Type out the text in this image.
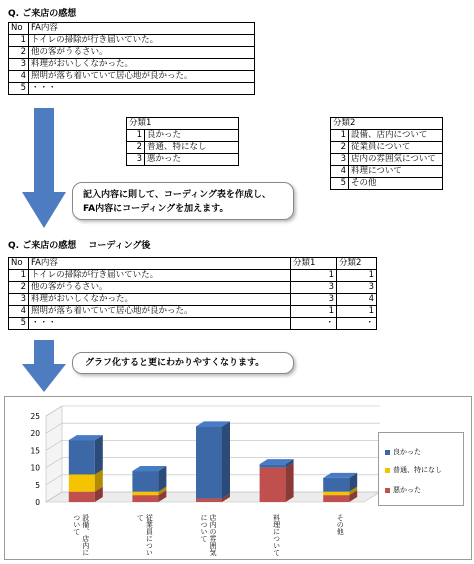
Q. ご来店の感想
No	FA内容
1	トイレの掃除が行き届いていた。
2	他の客がうるさい。
3	料理がおいしくなかった。
4	照明が落ち着いていて居心地が良かった。
5	・・・
分類1	
1	良かった
2	普通、特になし
3	悪かった
分類2	
1	設備、店内について
2	従業員について
3	店内の雰囲気について
4	料理について
5	その他
記入内容に則して、コーディング表を作成し、
FA内容にコーディングを加えます。
Q. ご来店の感想　 コーディング後
No	FA内容	分類1	分類2
1	トイレの掃除が行き届いていた。	1	1
2	他の客がうるさい。	3	3
3	料理がおいしくなかった。	3	4
4	照明が落ち着いていて居心地が良かった。	1	1
5	・・・	・	・
グラフ化すると更にわかりやすくなります。
0
5
10
15
20
25
設備、店内に
ついて	従業員につい
て	店内の雰囲気
について	料理について	その他
良かった
普通、特になし
悪かった
